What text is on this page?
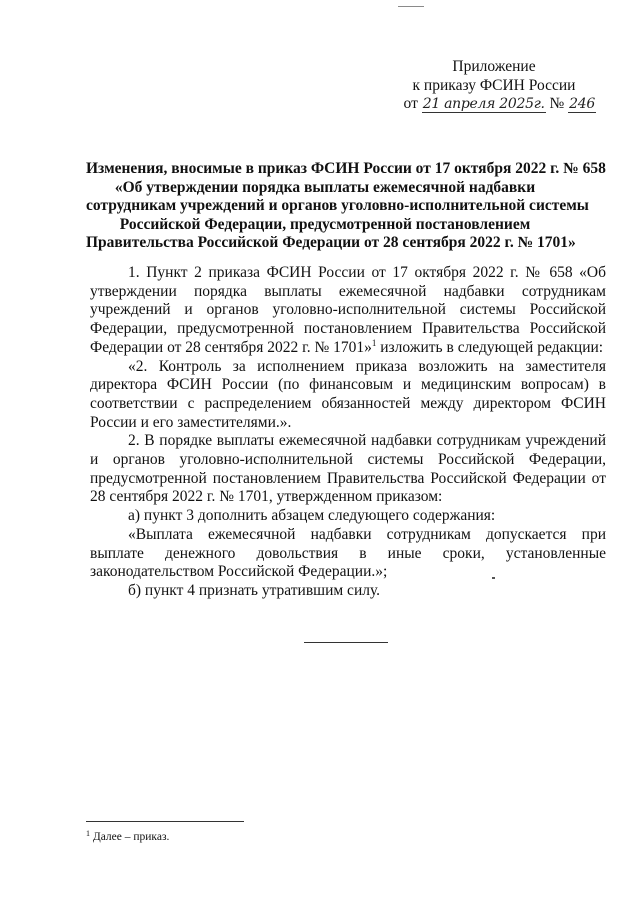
Приложение
к приказу ФСИН России
от 21 апреля 2025г. № 246
Изменения, вносимые в приказ ФСИН России от 17 октября 2022 г. № 658
«Об утверждении порядка выплаты ежемесячной надбавки
сотрудникам учреждений и органов уголовно-исполнительной системы
Российской Федерации, предусмотренной постановлением
Правительства Российской Федерации от 28 сентября 2022 г. № 1701»

1. Пункт 2 приказа ФСИН России от 17 октября 2022 г. № 658 «Об утверждении порядка выплаты ежемесячной надбавки сотрудникам учреждений и органов уголовно-исполнительной системы Российской Федерации, предусмотренной постановлением Правительства Российской Федерации от 28 сентября 2022 г. № 1701»$^1$ изложить в следующей редакции:

«2. Контроль за исполнением приказа возложить на заместителя директора ФСИН России (по финансовым и медицинским вопросам) в соответствии с распределением обязанностей между директором ФСИН России и его заместителями.».

2. В порядке выплаты ежемесячной надбавки сотрудникам учреждений и органов уголовно-исполнительной системы Российской Федерации, предусмотренной постановлением Правительства Российской Федерации от 28 сентября 2022 г. № 1701, утвержденном приказом:

а) пункт 3 дополнить абзацем следующего содержания:

«Выплата ежемесячной надбавки сотрудникам допускается при выплате денежного довольствия в иные сроки, установленные законодательством Российской Федерации.»;

б) пункт 4 признать утратившим силу.

$^1$ Далее – приказ.
